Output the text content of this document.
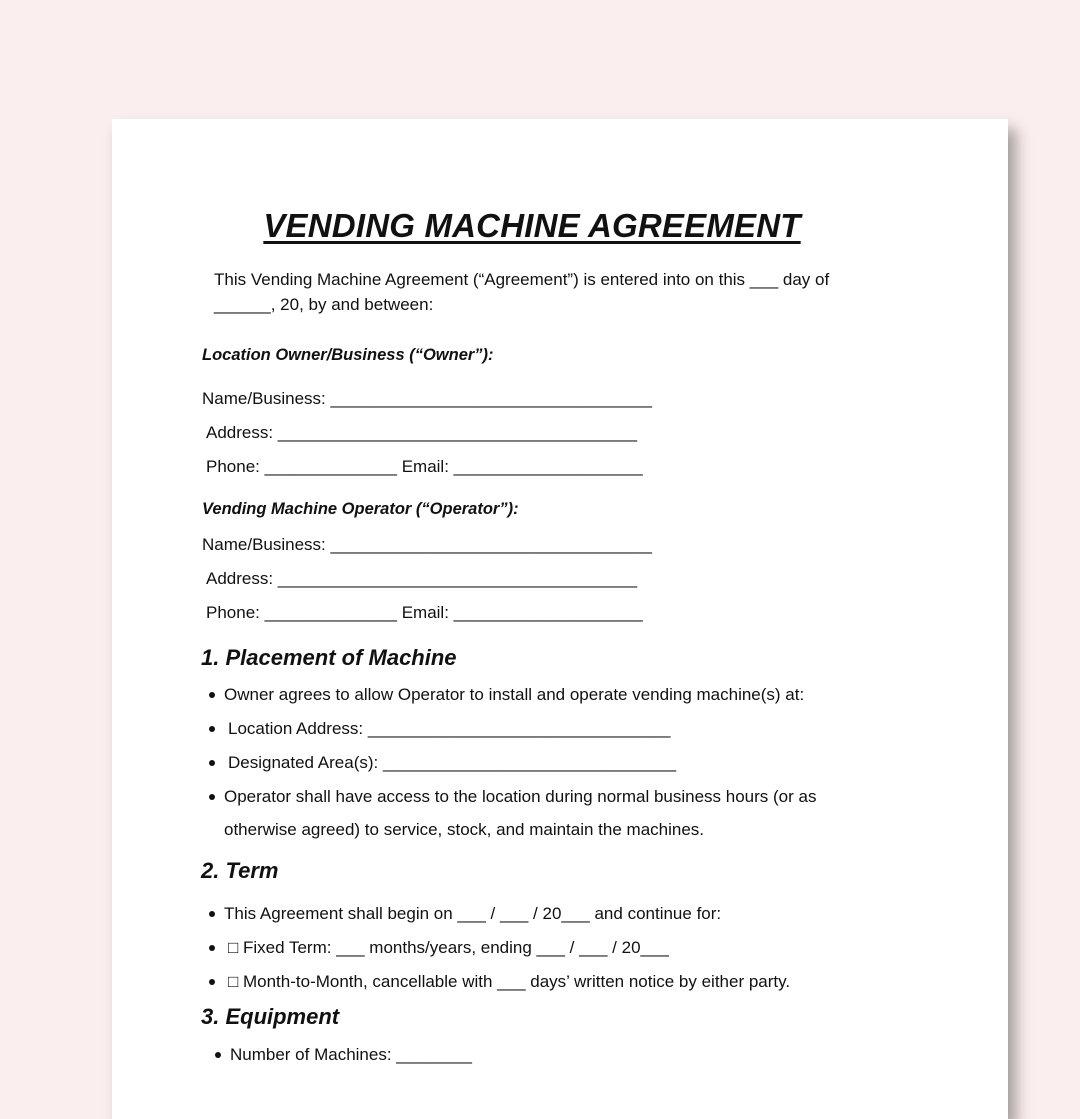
VENDING MACHINE AGREEMENT

This Vending Machine Agreement (“Agreement”) is entered into on this ___ day of

______, 20, by and between:

Location Owner/Business (“Owner”):

Name/Business: __________________________________

Address: ______________________________________

Phone: ______________ Email: ____________________

Vending Machine Operator (“Operator”):

Name/Business: __________________________________

Address: ______________________________________

Phone: ______________ Email: ____________________

1. Placement of Machine

Owner agrees to allow Operator to install and operate vending machine(s) at:

Location Address: ________________________________

Designated Area(s): _______________________________

Operator shall have access to the location during normal business hours (or as

otherwise agreed) to service, stock, and maintain the machines.

2. Term

This Agreement shall begin on ___ / ___ / 20___ and continue for:

□ Fixed Term: ___ months/years, ending ___ / ___ / 20___

□ Month-to-Month, cancellable with ___ days’ written notice by either party.

3. Equipment

Number of Machines: ________
